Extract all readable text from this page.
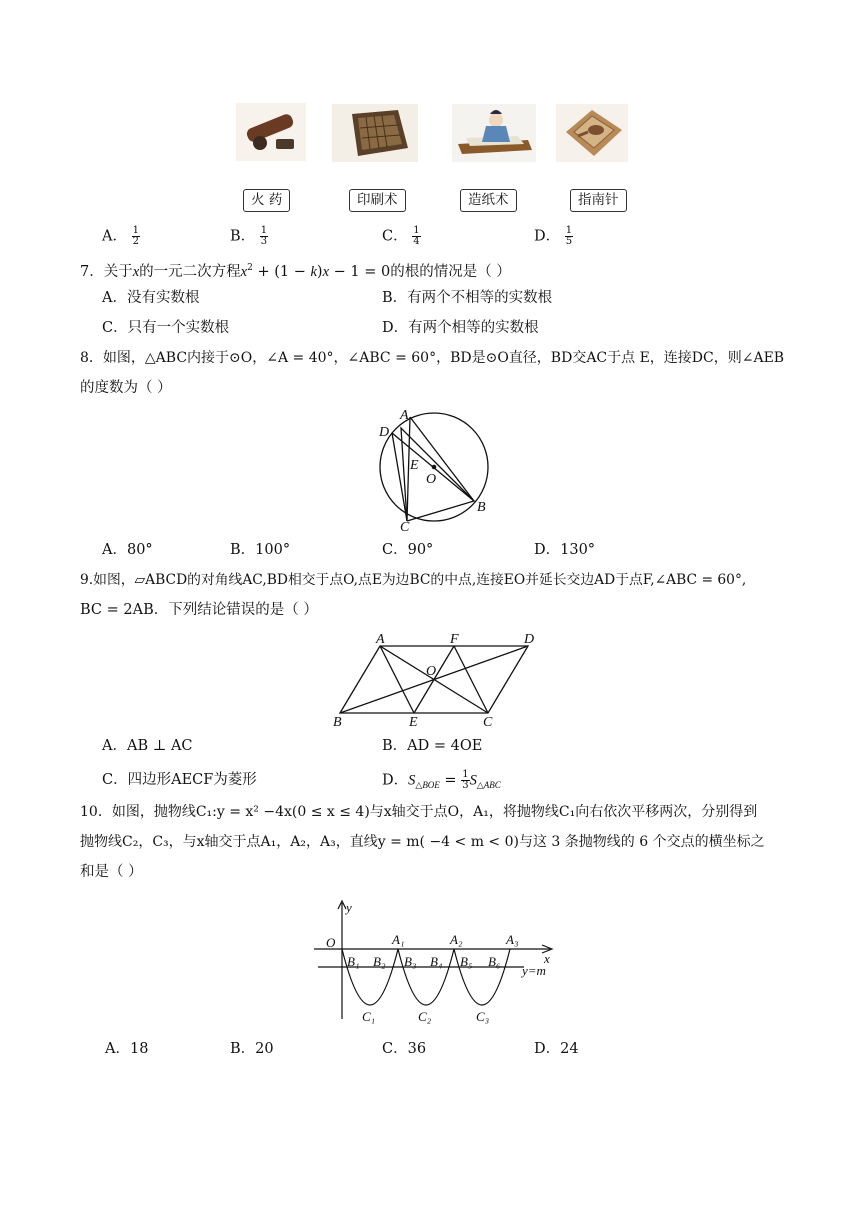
火 药	印刷术	造纸术	指南针
A． $\frac{1}{2}$	B． $\frac{1}{3}$	C． $\frac{1}{4}$	D． $\frac{1}{5}$
7．关于x的一元二次方程$x^2 + (1 - k)x - 1 = 0$的根的情况是（ ）
A．没有实数根	B．有两个不相等的实数根
C．只有一个实数根	D．有两个相等的实数根
8．如图，△ABC内接于⊙O，∠A = 40°，∠ABC = 60°，BD是⊙O直径，BD交AC于点 E，连接DC，则∠AEB
的度数为（ ）
A
D
E
O
B
C
A．80°	B．100°	C．90°	D．130°
9.如图，▱ABCD的对角线AC,BD相交于点O,点E为边BC的中点,连接EO并延长交边AD于点F,∠ABC = 60°,
BC = 2AB．下列结论错误的是（ ）
A	F	D
O
B	E	C
A．AB ⊥ AC	B．AD = 4OE
C．四边形AECF为菱形	D．$S_{\triangle BOE} = \frac{1}{3} S_{\triangle ABC}$
10．如图，抛物线C₁:y = x² −4x(0 ≤ x ≤ 4)与x轴交于点O，A₁，将抛物线C₁向右依次平移两次，分别得到
抛物线C₂，C₃，与x轴交于点A₁，A₂，A₃，直线y = m( −4 < m < 0)与这 3 条抛物线的 6 个交点的横坐标之
和是（ ）
y
x
O	A₁	A₂	A₃
B₁ B₂ B₃ B₄ B₅ B₆
y=m
C₁	C₂	C₃
A．18	B．20	C．36	D．24
